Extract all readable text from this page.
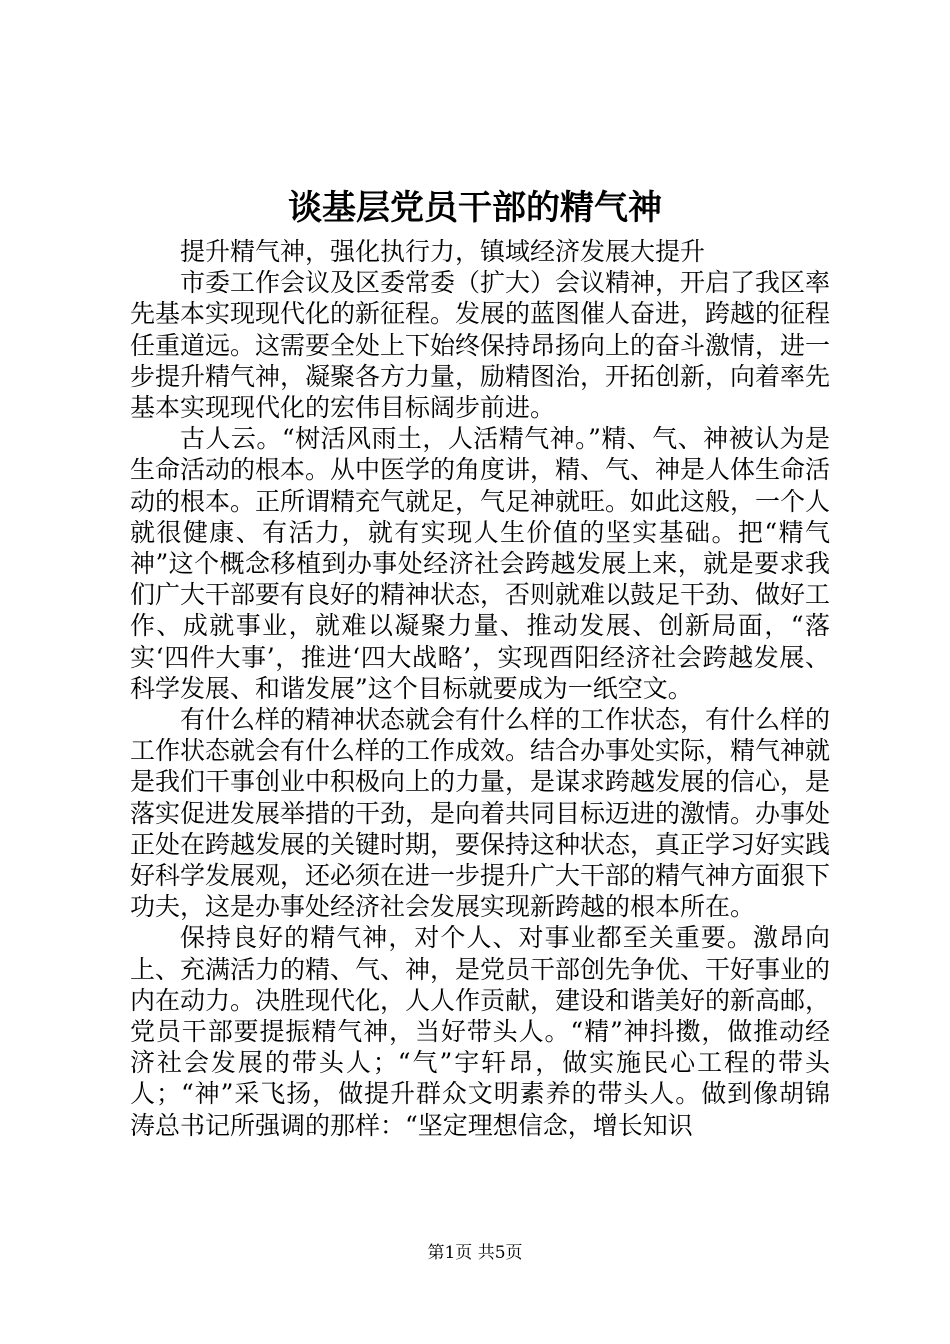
谈基层党员干部的精气神

提升精气神，强化执行力，镇域经济发展大提升

市委工作会议及区委常委（扩大）会议精神，开启了我区率先基本实现现代化的新征程。发展的蓝图催人奋进，跨越的征程任重道远。这需要全处上下始终保持昂扬向上的奋斗激情，进一步提升精气神，凝聚各方力量，励精图治，开拓创新，向着率先基本实现现代化的宏伟目标阔步前进。

古人云。“树活风雨土，人活精气神。”精、气、神被认为是生命活动的根本。从中医学的角度讲，精、气、神是人体生命活动的根本。正所谓精充气就足，气足神就旺。如此这般，一个人就很健康、有活力，就有实现人生价值的坚实基础。把“精气神”这个概念移植到办事处经济社会跨越发展上来，就是要求我们广大干部要有良好的精神状态，否则就难以鼓足干劲、做好工作、成就事业，就难以凝聚力量、推动发展、创新局面，“落实‘四件大事’，推进‘四大战略’，实现酉阳经济社会跨越发展、科学发展、和谐发展”这个目标就要成为一纸空文。

有什么样的精神状态就会有什么样的工作状态，有什么样的工作状态就会有什么样的工作成效。结合办事处实际，精气神就是我们干事创业中积极向上的力量，是谋求跨越发展的信心，是落实促进发展举措的干劲，是向着共同目标迈进的激情。办事处正处在跨越发展的关键时期，要保持这种状态，真正学习好实践好科学发展观，还必须在进一步提升广大干部的精气神方面狠下功夫，这是办事处经济社会发展实现新跨越的根本所在。

保持良好的精气神，对个人、对事业都至关重要。激昂向上、充满活力的精、气、神，是党员干部创先争优、干好事业的内在动力。决胜现代化，人人作贡献，建设和谐美好的新高邮，党员干部要提振精气神，当好带头人。“精”神抖擞，做推动经济社会发展的带头人；“气”宇轩昂，做实施民心工程的带头人；“神”采飞扬，做提升群众文明素养的带头人。做到像胡锦涛总书记所强调的那样：“坚定理想信念，增长知识

第1页 共5页
